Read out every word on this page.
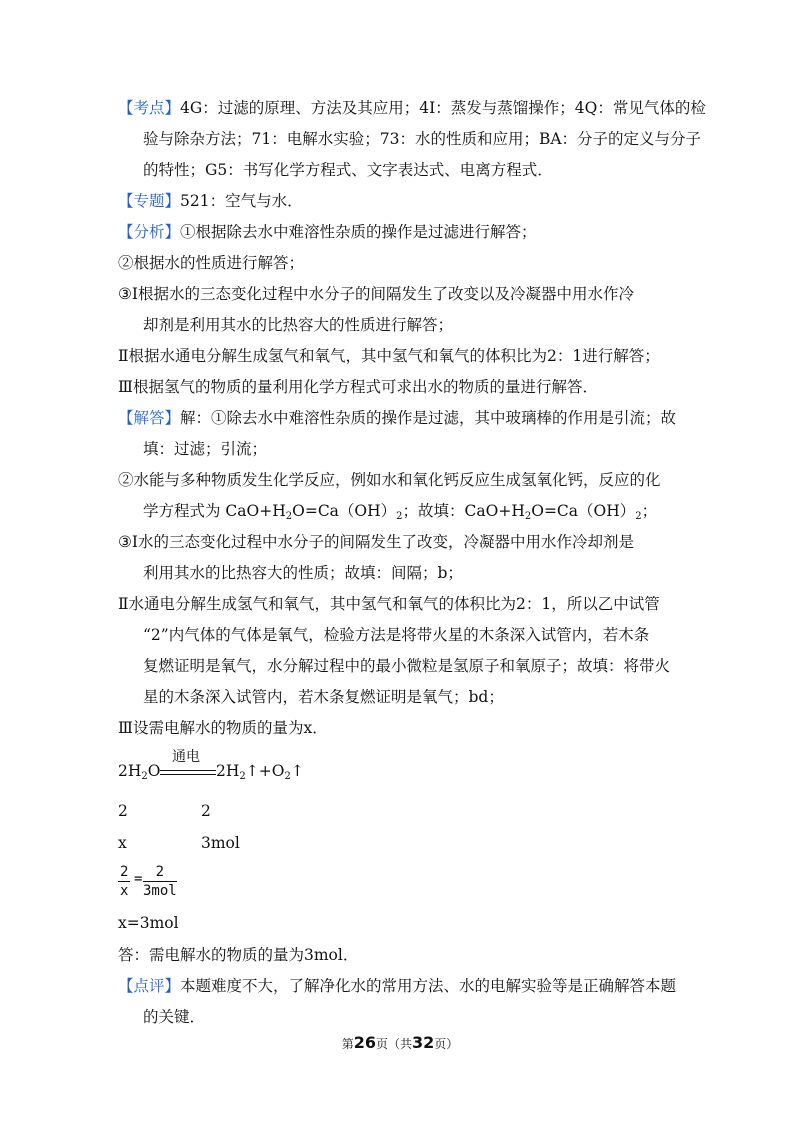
【考点】4G：过滤的原理、方法及其应用；4I：蒸发与蒸馏操作；4Q：常见气体的检
验与除杂方法；71：电解水实验；73：水的性质和应用；BA：分子的定义与分子
的特性；G5：书写化学方程式、文字表达式、电离方程式．
【专题】521：空气与水．
【分析】①根据除去水中难溶性杂质的操作是过滤进行解答；
②根据水的性质进行解答；
③Ⅰ根据水的三态变化过程中水分子的间隔发生了改变以及冷凝器中用水作冷
却剂是利用其水的比热容大的性质进行解答；
Ⅱ根据水通电分解生成氢气和氧气，其中氢气和氧气的体积比为2：1进行解答；
Ⅲ根据氢气的物质的量利用化学方程式可求出水的物质的量进行解答．
【解答】解：①除去水中难溶性杂质的操作是过滤，其中玻璃棒的作用是引流；故
填：过滤；引流；
②水能与多种物质发生化学反应，例如水和氧化钙反应生成氢氧化钙，反应的化
学方程式为 $CaO+H_2O=Ca(OH)_2$；故填：$CaO+H_2O=Ca(OH)_2$；
③Ⅰ水的三态变化过程中水分子的间隔发生了改变，冷凝器中用水作冷却剂是
利用其水的比热容大的性质；故填：间隔；b；
Ⅱ水通电分解生成氢气和氧气，其中氢气和氧气的体积比为2：1，所以乙中试管
“2”内气体的气体是氧气，检验方法是将带火星的木条深入试管内，若木条
复燃证明是氧气，水分解过程中的最小微粒是氢原子和氧原子；故填：将带火
星的木条深入试管内，若木条复燃证明是氧气；bd；
Ⅲ设需电解水的物质的量为x．
$2H_2O$
通电
$2H_2↑+O_2↑$
2	2
x	3mol
$\frac{2}{x} = 2$
3mol
x=3mol
答：需电解水的物质的量为3mol．
【点评】本题难度不大，了解净化水的常用方法、水的电解实验等是正确解答本题
的关键．
第26页（共32页）
